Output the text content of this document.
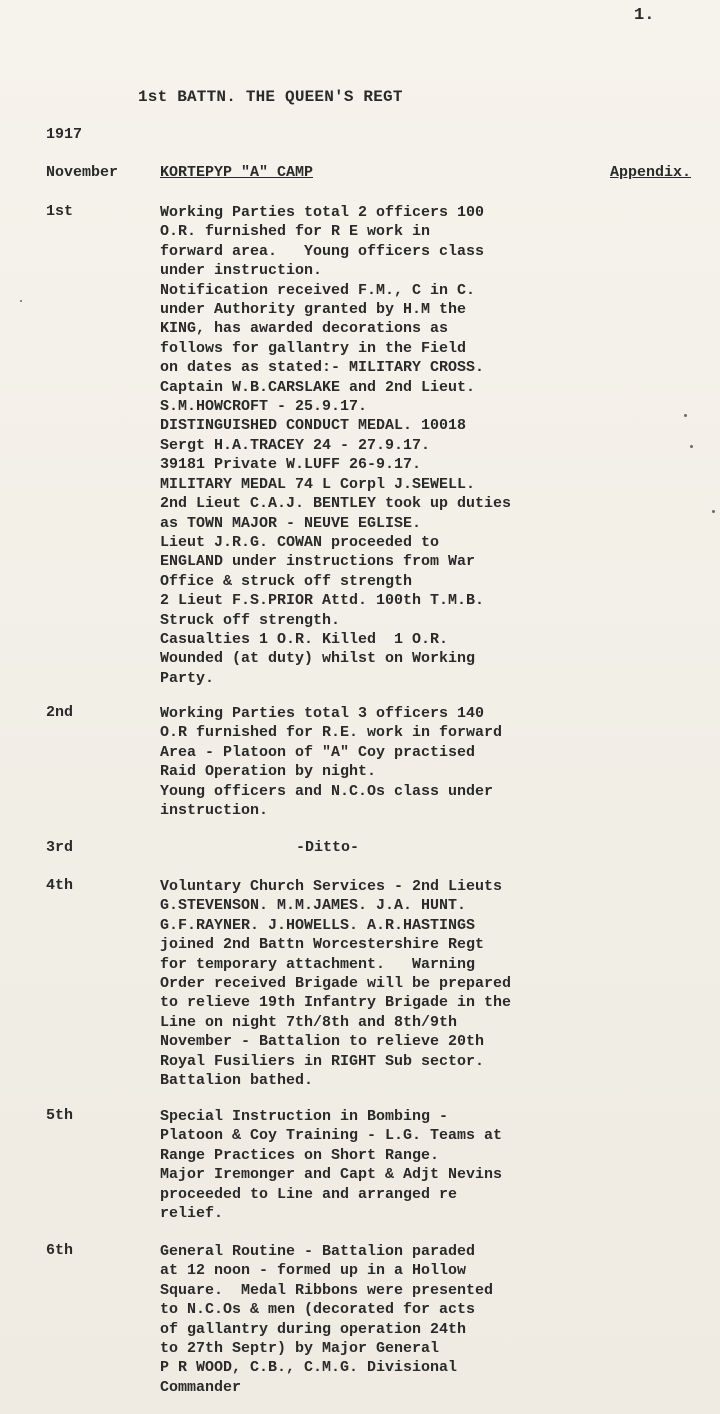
1.
1st BATTN. THE QUEEN'S REGT
1917
November	KORTEPYP "A" CAMP	Appendix.
1st	Working Parties total 2 officers 100
O.R. furnished for R E work in
forward area.   Young officers class
under instruction.
Notification received F.M., C in C.
under Authority granted by H.M the
KING, has awarded decorations as
follows for gallantry in the Field
on dates as stated:- MILITARY CROSS.
Captain W.B.CARSLAKE and 2nd Lieut.
S.M.HOWCROFT - 25.9.17.
DISTINGUISHED CONDUCT MEDAL. 10018
Sergt H.A.TRACEY 24 - 27.9.17.
39181 Private W.LUFF 26-9.17.
MILITARY MEDAL 74 L Corpl J.SEWELL.
2nd Lieut C.A.J. BENTLEY took up duties
as TOWN MAJOR - NEUVE EGLISE.
Lieut J.R.G. COWAN proceeded to
ENGLAND under instructions from War
Office & struck off strength
2 Lieut F.S.PRIOR Attd. 100th T.M.B.
Struck off strength.
Casualties 1 O.R. Killed  1 O.R.
Wounded (at duty) whilst on Working
Party.
2nd	Working Parties total 3 officers 140
O.R furnished for R.E. work in forward
Area - Platoon of "A" Coy practised
Raid Operation by night.
Young officers and N.C.Os class under
instruction.
3rd	-Ditto-
4th	Voluntary Church Services - 2nd Lieuts
G.STEVENSON. M.M.JAMES. J.A. HUNT.
G.F.RAYNER. J.HOWELLS. A.R.HASTINGS
joined 2nd Battn Worcestershire Regt
for temporary attachment.   Warning
Order received Brigade will be prepared
to relieve 19th Infantry Brigade in the
Line on night 7th/8th and 8th/9th
November - Battalion to relieve 20th
Royal Fusiliers in RIGHT Sub sector.
Battalion bathed.
5th	Special Instruction in Bombing -
Platoon & Coy Training - L.G. Teams at
Range Practices on Short Range.
Major Iremonger and Capt & Adjt Nevins
proceeded to Line and arranged re
relief.
6th	General Routine - Battalion paraded
at 12 noon - formed up in a Hollow
Square.  Medal Ribbons were presented
to N.C.Os & men (decorated for acts
of gallantry during operation 24th
to 27th Septr) by Major General
P R WOOD, C.B., C.M.G. Divisional
Commander
